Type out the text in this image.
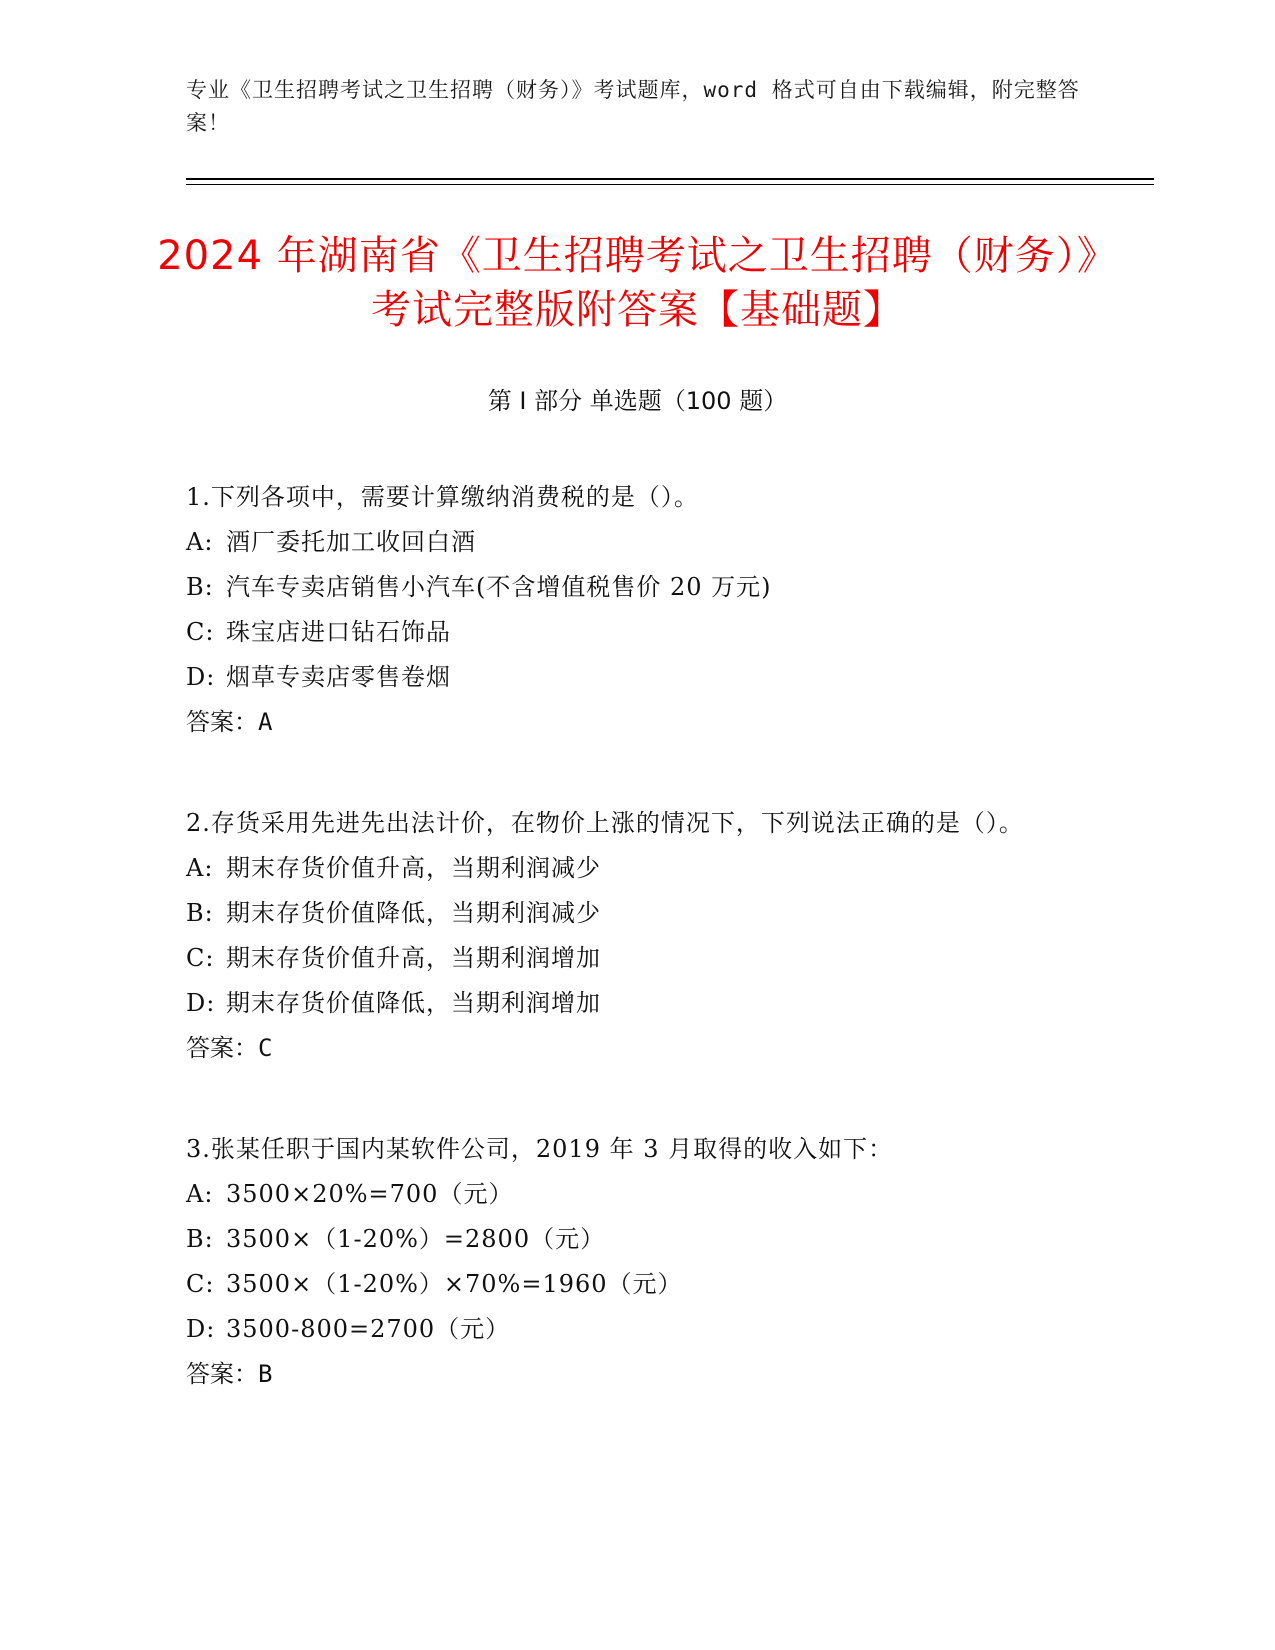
专业《卫生招聘考试之卫生招聘（财务）》考试题库，word 格式可自由下载编辑，附完整答案！
2024 年湖南省《卫生招聘考试之卫生招聘（财务）》考试完整版附答案【基础题】
第 I 部分 单选题（100 题）

1.下列各项中，需要计算缴纳消费税的是（）。

A: 酒厂委托加工收回白酒

B: 汽车专卖店销售小汽车(不含增值税售价 20 万元)

C: 珠宝店进口钻石饰品

D: 烟草专卖店零售卷烟

答案：A

2.存货采用先进先出法计价，在物价上涨的情况下，下列说法正确的是（）。

A: 期末存货价值升高，当期利润减少

B: 期末存货价值降低，当期利润减少

C: 期末存货价值升高，当期利润增加

D: 期末存货价值降低，当期利润增加

答案：C

3.张某任职于国内某软件公司，2019 年 3 月取得的收入如下：

A: 3500×20%=700（元）

B: 3500×（1-20%）=2800（元）

C: 3500×（1-20%）×70%=1960（元）

D: 3500-800=2700（元）

答案：B
